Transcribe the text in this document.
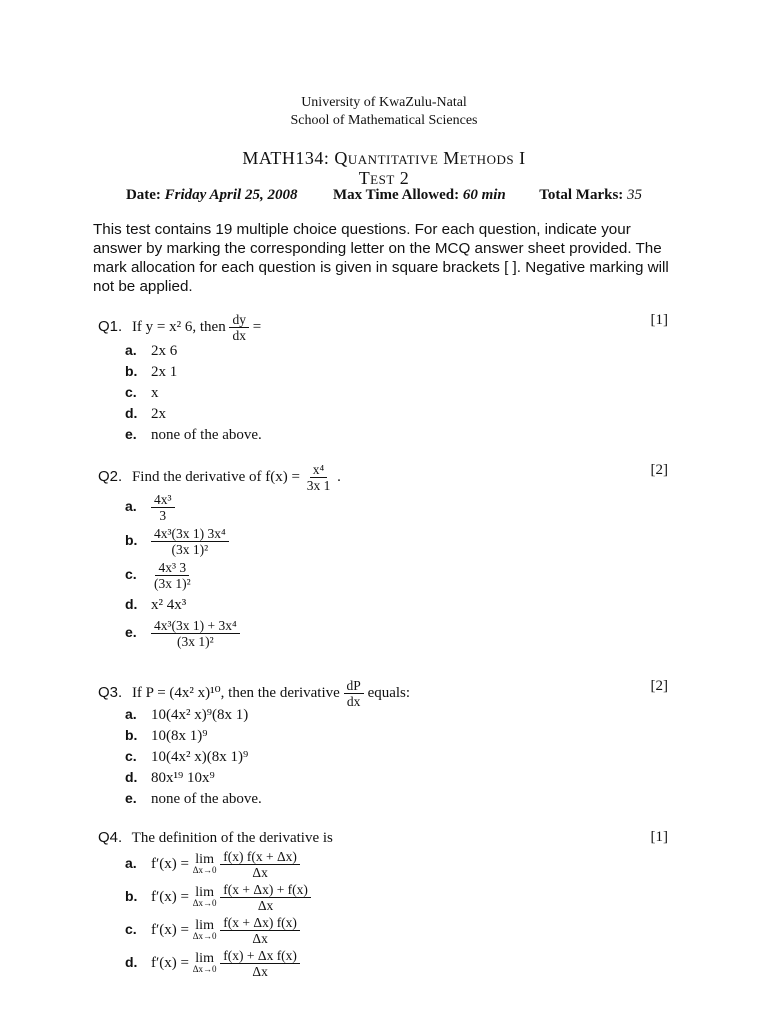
University of KwaZulu-Natal
School of Mathematical Sciences
MATH134: Quantitative Methods I
Test 2
Date: Friday April 25, 2008 Max Time Allowed: 60 min Total Marks: 35
This test contains 19 multiple choice questions. For each question, indicate your answer by marking the corresponding letter on the MCQ answer sheet provided. The mark allocation for each question is given in square brackets [ ]. Negative marking will not be applied.
Q1. If y = x² 6, then $\frac{dy}{dx}$ =	[1]
a. 2x 6
b. 2x 1
c. x
d. 2x
e. none of the above.
Q2. Find the derivative of $f(x) = \frac{\text{x⁴}}{3x 1}$ .	[2]
a. $\frac{\text{4x³}}{3}$
b. $\frac{\text{4x³(3x 1) 3x⁴}}{\text{(3x 1)²}}$
c. $\frac{\text{4x³ 3}}{\text{(3x 1)²}}$
d. x² 4x³
e. $\frac{\text{4x³(3x 1) + 3x⁴}}{\text{(3x 1)²}}$
Q3. If P = (4x² x)¹⁰, then the derivative $\frac{dP}{dx}$ equals:	[2]
a. 10(4x² x)⁹(8x 1)
b. 10(8x 1)⁹
c. 10(4x² x)(8x 1)⁹
d. 80x¹⁹ 10x⁹
e. none of the above.
Q4. The definition of the derivative is	[1]
a. f′(x) = lim
Δx→0
$\frac{f(x) f(x + \Delta x)}{\Delta x}$
b. f′(x) = lim
Δx→0
$\frac{f(x + \Delta x) + f(x)}{\Delta x}$
c. f′(x) = lim
Δx→0
$\frac{f(x + \Delta x) f(x)}{\Delta x}$
d. f′(x) = lim
Δx→0
$\frac{\text{f(x) + Δx f(x)}}{\Delta x}$
